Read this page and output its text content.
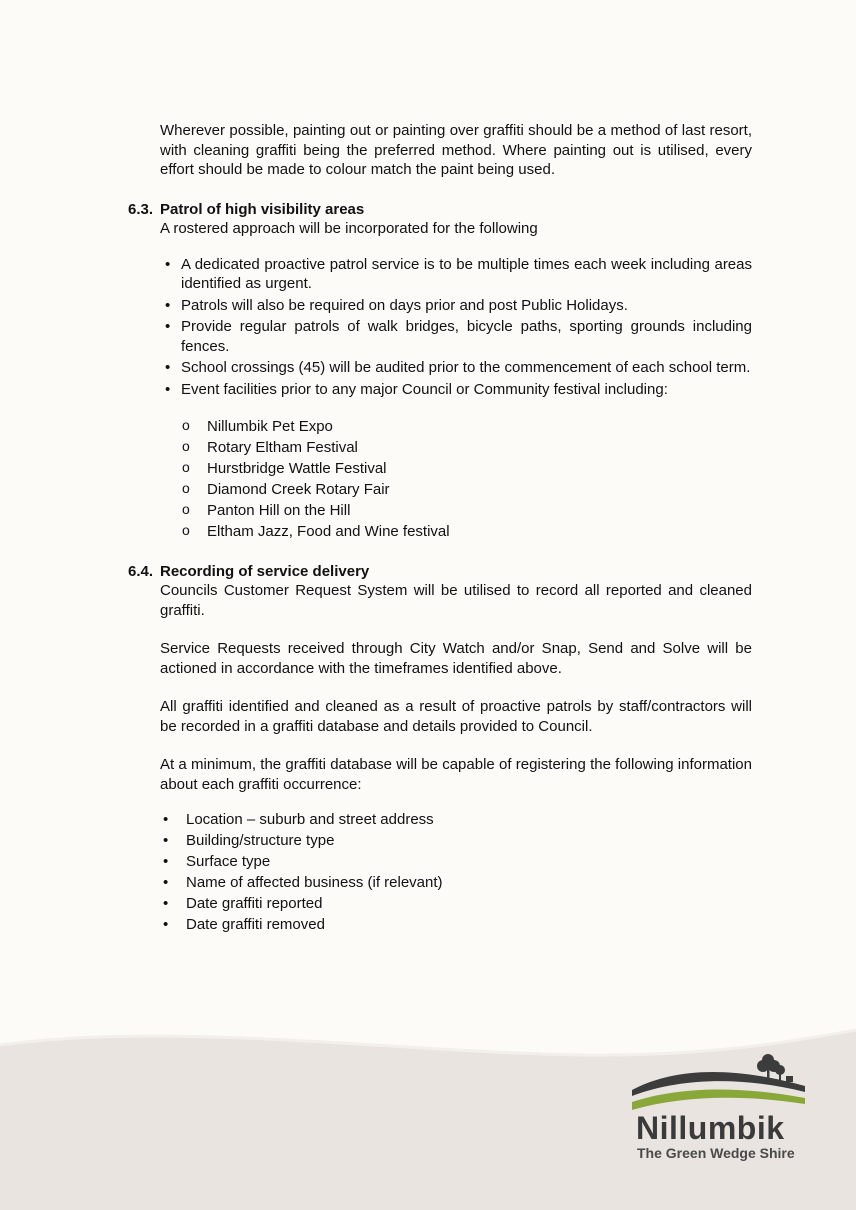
Wherever possible, painting out or painting over graffiti should be a method of last resort, with cleaning graffiti being the preferred method. Where painting out is utilised, every effort should be made to colour match the paint being used.

6.3. Patrol of high visibility areas

A rostered approach will be incorporated for the following

• A dedicated proactive patrol service is to be multiple times each week including areas identified as urgent.
• Patrols will also be required on days prior and post Public Holidays.
• Provide regular patrols of walk bridges, bicycle paths, sporting grounds including fences.
• School crossings (45) will be audited prior to the commencement of each school term.
• Event facilities prior to any major Council or Community festival including:
o Nillumbik Pet Expo
o Rotary Eltham Festival
o Hurstbridge Wattle Festival
o Diamond Creek Rotary Fair
o Panton Hill on the Hill
o Eltham Jazz, Food and Wine festival
6.4. Recording of service delivery

Councils Customer Request System will be utilised to record all reported and cleaned graffiti.

Service Requests received through City Watch and/or Snap, Send and Solve will be actioned in accordance with the timeframes identified above.

All graffiti identified and cleaned as a result of proactive patrols by staff/contractors will be recorded in a graffiti database and details provided to Council.

At a minimum, the graffiti database will be capable of registering the following information about each graffiti occurrence:

• Location – suburb and street address
• Building/structure type
• Surface type
• Name of affected business (if relevant)
• Date graffiti reported
• Date graffiti removed
Nillumbik
The Green Wedge Shire
